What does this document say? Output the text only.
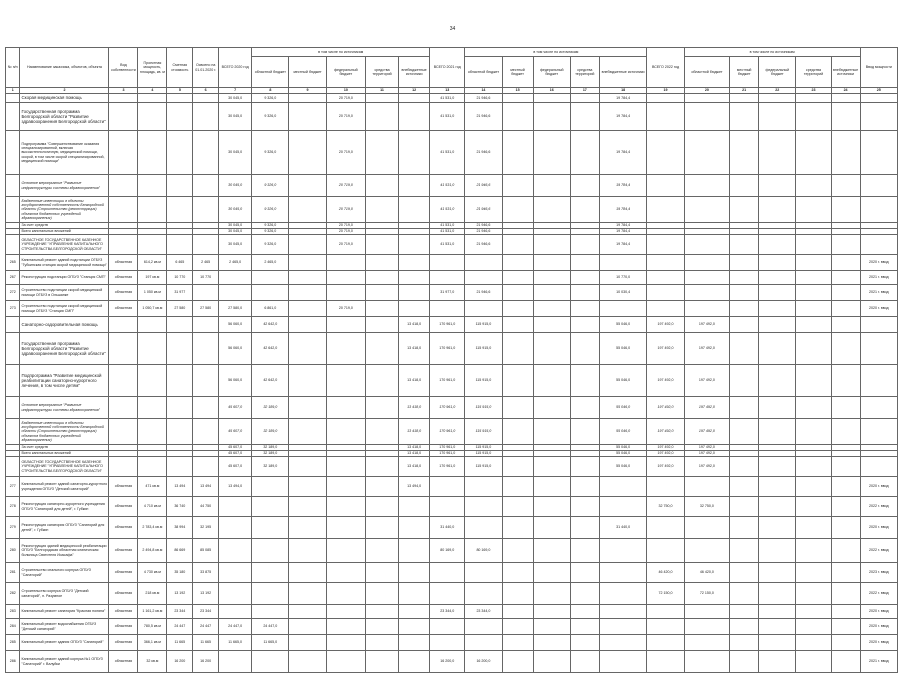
34
№ п/п	Наименование заказчика, объектов, объекта	Вид собственности	Проектная мощность, площадь, кв. м	Сметная стоимость	Освоено на 01.01.2020 г.	ВСЕГО 2020 год	в том числе по источникам					ВСЕГО 2021 год	в том числе по источникам					ВСЕГО 2022 год	в том числе по источникам					Ввод мощности
							областной бюджет	местный бюджет	федеральный бюджет	средства территорий	внебюджетные источники		областной бюджет	местный бюджет	федеральный бюджет	средства территорий	внебюджетные источники		областной бюджет	местный бюджет	федеральный бюджет	средства территорий	внебюджетные источники	
1	2	3	4	5	6	7	8	9	10	11	12	13	14	15	16	17	18	19	20	21	22	23	24	25
	Скорая медицинская помощь					30 045,0	9 326,0		20 719,0			41 531,0	21 946,6				19 784,4							
	Государственная программа Белгородской области "Развитие здравоохранения Белгородской области"					30 045,0	9 326,0		20 719,0			41 531,0	21 946,6				19 784,4							
	Подпрограмма "Совершенствование оказания специализированной, включая высокотехнологичную, медицинской помощи, скорой, в том числе скорой специализированной, медицинской помощи"					30 045,0	9 326,0		20 719,0			41 531,0	21 946,6				19 784,4							
	Основное мероприятие "Развитие инфраструктуры системы здравоохранения"					30 045,0	9 326,0		20 719,0			41 531,0	21 946,6				19 784,4							
	Бюджетные инвестиции в объекты государственной собственности Белгородской области (Строительство (реконструкция) объектов бюджетных учреждений здравоохранения)					30 045,0	9 326,0		20 719,0			41 531,0	21 946,6				19 784,4							
	За счет средств					30 045,0	9 326,0		20 719,0			41 531,0	21 946,6				19 784,4							
	Всего капитальных вложений					30 045,0	9 326,0		20 719,0			41 531,0	21 946,6				19 784,4							
	ОБЛАСТНОЕ ГОСУДАРСТВЕННОЕ КАЗЕННОЕ УЧРЕЖДЕНИЕ "УПРАВЛЕНИЕ КАПИТАЛЬНОГО СТРОИТЕЛЬСТВА БЕЛГОРОДСКОЙ ОБЛАСТИ"					30 045,0	9 326,0		20 719,0			41 531,0	21 946,6				19 784,4							
265	Капитальный ремонт зданий подстанции ОГБУЗ "Губкинская станция скорой медицинской помощи"	областная	614,2 кв.м	6 465	2 465	2 465,0	2 465,0																	2020 г. ввод
267	Реконструкция подстанции ОГБУЗ "Станция СМП"	областная	197 кв.м	10 770	10 770												10 770,0							2021 г. ввод
272	Строительство подстанции скорой медицинской помощи ОГБУЗ в Ольшанке	областная	1 050 кв.м	31 977								31 977,0	21 946,6				10 030,4							2021 г. ввод
273	Строительство подстанции скорой медицинской помощи ОГБУЗ "Станция СМП"	областная	1 050,7 кв.м	27 580	27 580	27 580,0	6 861,0		20 719,0															2020 г. ввод
	Санаторно-оздоровительная помощь					56 060,0	42 642,0				13 418,0	170 961,0	115 915,0				55 046,0	197 492,0	197 492,0					
	Государственная программа Белгородской области "Развитие здравоохранения Белгородской области"					56 060,0	42 642,0				13 418,0	170 961,0	115 915,0				55 046,0	197 492,0	197 492,0					
	Подпрограмма "Развитие медицинской реабилитации санаторно-курортного лечения, в том числе детям"					56 060,0	42 642,0				13 418,0	170 961,0	115 915,0				55 046,0	197 492,0	197 492,0					
	Основное мероприятие "Развитие инфраструктуры системы здравоохранения"					45 607,0	32 189,0				13 418,0	170 961,0	115 915,0				55 046,0	197 492,0	197 492,0					
	Бюджетные инвестиции в объекты государственной собственности Белгородской области (Строительство (реконструкция) объектов бюджетных учреждений здравоохранения)					45 607,0	32 189,0				13 418,0	170 961,0	115 915,0				55 046,0	197 492,0	197 492,0					
	За счет средств					45 607,0	32 189,0				13 418,0	170 961,0	115 915,0				55 046,0	197 492,0	197 492,0					
	Всего капитальных вложений					45 607,0	32 189,0				13 418,0	170 961,0	115 915,0				55 046,0	197 492,0	197 492,0					
	ОБЛАСТНОЕ ГОСУДАРСТВЕННОЕ КАЗЕННОЕ УЧРЕЖДЕНИЕ "УПРАВЛЕНИЕ КАПИТАЛЬНОГО СТРОИТЕЛЬСТВА БЕЛГОРОДСКОЙ ОБЛАСТИ"					45 607,0	32 189,0				13 418,0	170 961,0	115 915,0				55 046,0	197 492,0	197 492,0					
277	Капитальный ремонт зданий санаторно-курортного учреждения ОГБУЗ "Детский санаторий"	областная	471 кв.м	13 494	13 494	13 494,0					13 494,0													2020 г. ввод
278	Реконструкция санаторно-курортного учреждения ОГБУЗ "Санаторий для детей", г. Губкин	областная	4 710 кв.м	36 740	44 750													32 750,0	32 750,0					2022 г. ввод
279	Реконструкция санатория ОГБУЗ "Санаторий для детей", г. Губкин	областная	2 783,4 кв.м	38 994	32 195							31 440,0					31 440,0							2020 г. ввод
280	Реконструкция зданий медицинской реабилитации ОГБУЗ "Белгородская областная клиническая больница Святителя Иоасафа"	областная	2 494,8 кв.м	86 669	85 085							80 169,0	80 169,0											2022 г. ввод
281	Строительство спального корпуса ОГБУЗ "Санаторий"	областная	4 730 кв.м	35 180	33 875													46 420,0	46 420,0					2023 г. ввод
282	Строительство корпуса ОГБУЗ "Детский санаторий", п. Разумное	областная	218 кв.м	13 192	13 192													72 150,0	72 150,0					2022 г. ввод
283	Капитальный ремонт санатория "Красная поляна"	областная	1 161,2 кв.м	23 344	23 344							23 344,0	23 344,0											2020 г. ввод
284	Капитальный ремонт водоснабжения ОГБУЗ "Детский санаторий"	областная	780,5 кв.м	24 447	24 447	24 447,0	24 447,0																	2020 г. ввод
285	Капитальный ремонт здания ОГБУЗ "Санаторий"	областная	366,1 кв.м	11 665	11 665	11 665,0	11 665,0																	2020 г. ввод
286	Капитальный ремонт зданий корпуса №1 ОГБУЗ "Санаторий" г. Валуйки	областная	32 кв.м	16 200	16 200							16 200,0	16 200,0											2021 г. ввод
